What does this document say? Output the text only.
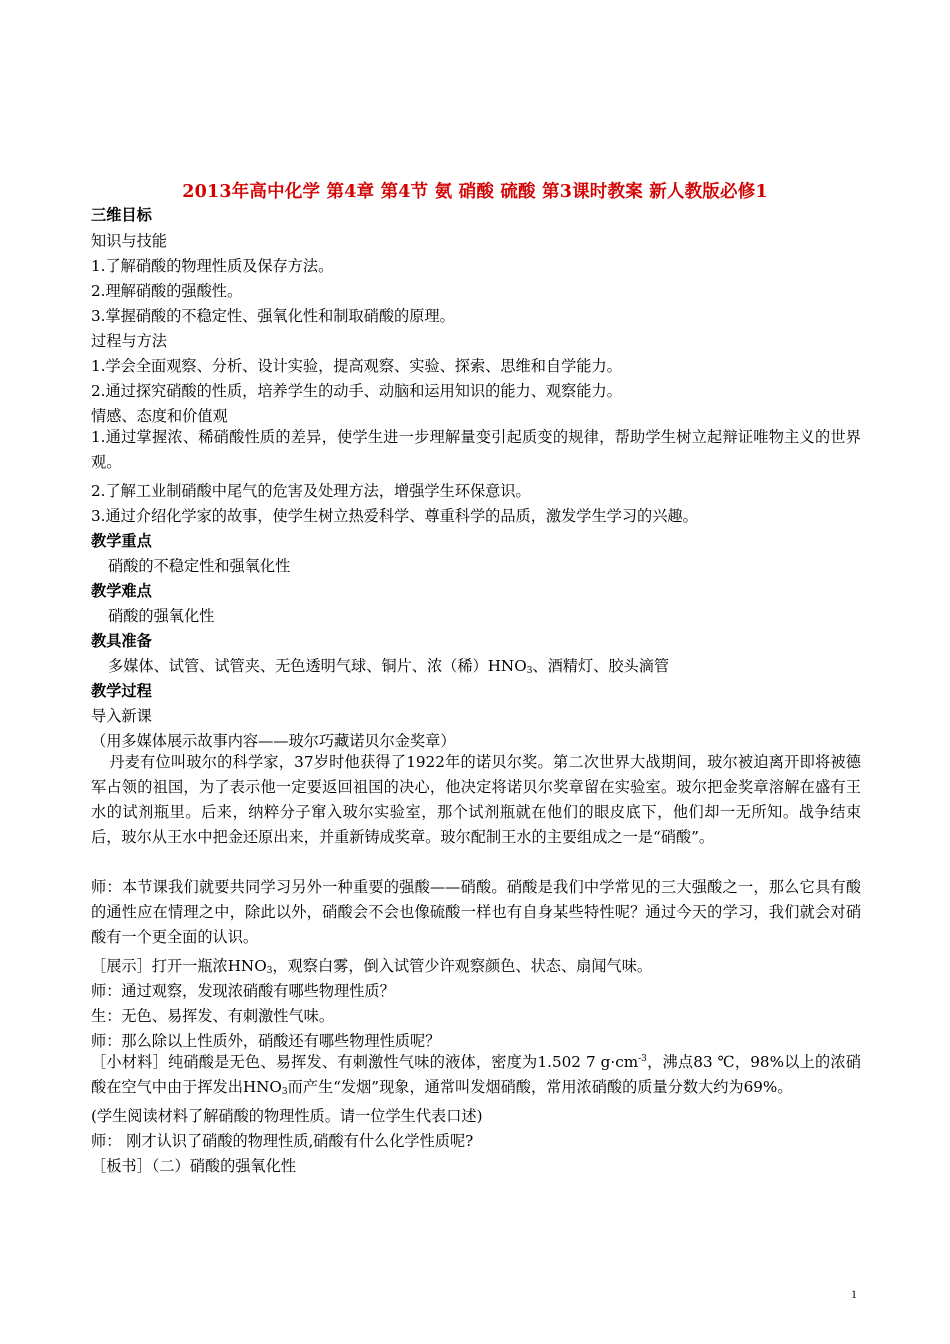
2013年高中化学 第4章 第4节 氨 硝酸 硫酸 第3课时教案 新人教版必修1
三维目标
知识与技能
1.了解硝酸的物理性质及保存方法。
2.理解硝酸的强酸性。
3.掌握硝酸的不稳定性、强氧化性和制取硝酸的原理。
过程与方法
1.学会全面观察、分析、设计实验，提高观察、实验、探索、思维和自学能力。
2.通过探究硝酸的性质，培养学生的动手、动脑和运用知识的能力、观察能力。
情感、态度和价值观
1.通过掌握浓、稀硝酸性质的差异，使学生进一步理解量变引起质变的规律，帮助学生树立起辩证唯物主义的世界观。
2.了解工业制硝酸中尾气的危害及处理方法，增强学生环保意识。
3.通过介绍化学家的故事，使学生树立热爱科学、尊重科学的品质，激发学生学习的兴趣。
教学重点
硝酸的不稳定性和强氧化性
教学难点
硝酸的强氧化性
教具准备
多媒体、试管、试管夹、无色透明气球、铜片、浓（稀）$HNO_3$、酒精灯、胶头滴管
教学过程
导入新课
（用多媒体展示故事内容——玻尔巧藏诺贝尔金奖章）
丹麦有位叫玻尔的科学家，37岁时他获得了1922年的诺贝尔奖。第二次世界大战期间，玻尔被迫离开即将被德军占领的祖国，为了表示他一定要返回祖国的决心，他决定将诺贝尔奖章留在实验室。玻尔把金奖章溶解在盛有王水的试剂瓶里。后来，纳粹分子窜入玻尔实验室，那个试剂瓶就在他们的眼皮底下，他们却一无所知。战争结束后，玻尔从王水中把金还原出来，并重新铸成奖章。玻尔配制王水的主要组成之一是“硝酸”。
师：本节课我们就要共同学习另外一种重要的强酸——硝酸。硝酸是我们中学常见的三大强酸之一，那么它具有酸的通性应在情理之中，除此以外，硝酸会不会也像硫酸一样也有自身某些特性呢？通过今天的学习，我们就会对硝酸有一个更全面的认识。
［展示］打开一瓶浓$HNO_3$，观察白雾，倒入试管少许观察颜色、状态、扇闻气味。
师：通过观察，发现浓硝酸有哪些物理性质？
生：无色、易挥发、有刺激性气味。
师：那么除以上性质外，硝酸还有哪些物理性质呢？
［小材料］纯硝酸是无色、易挥发、有刺激性气味的液体，密度为1.502 7 $g\cdot cm^{-3}$，沸点83 ℃，98%以上的浓硝酸在空气中由于挥发出$HNO_3$而产生“发烟”现象，通常叫发烟硝酸，常用浓硝酸的质量分数大约为69%。
(学生阅读材料了解硝酸的物理性质。请一位学生代表口述)
师： 刚才认识了硝酸的物理性质,硝酸有什么化学性质呢?
［板书］（二）硝酸的强氧化性
1
